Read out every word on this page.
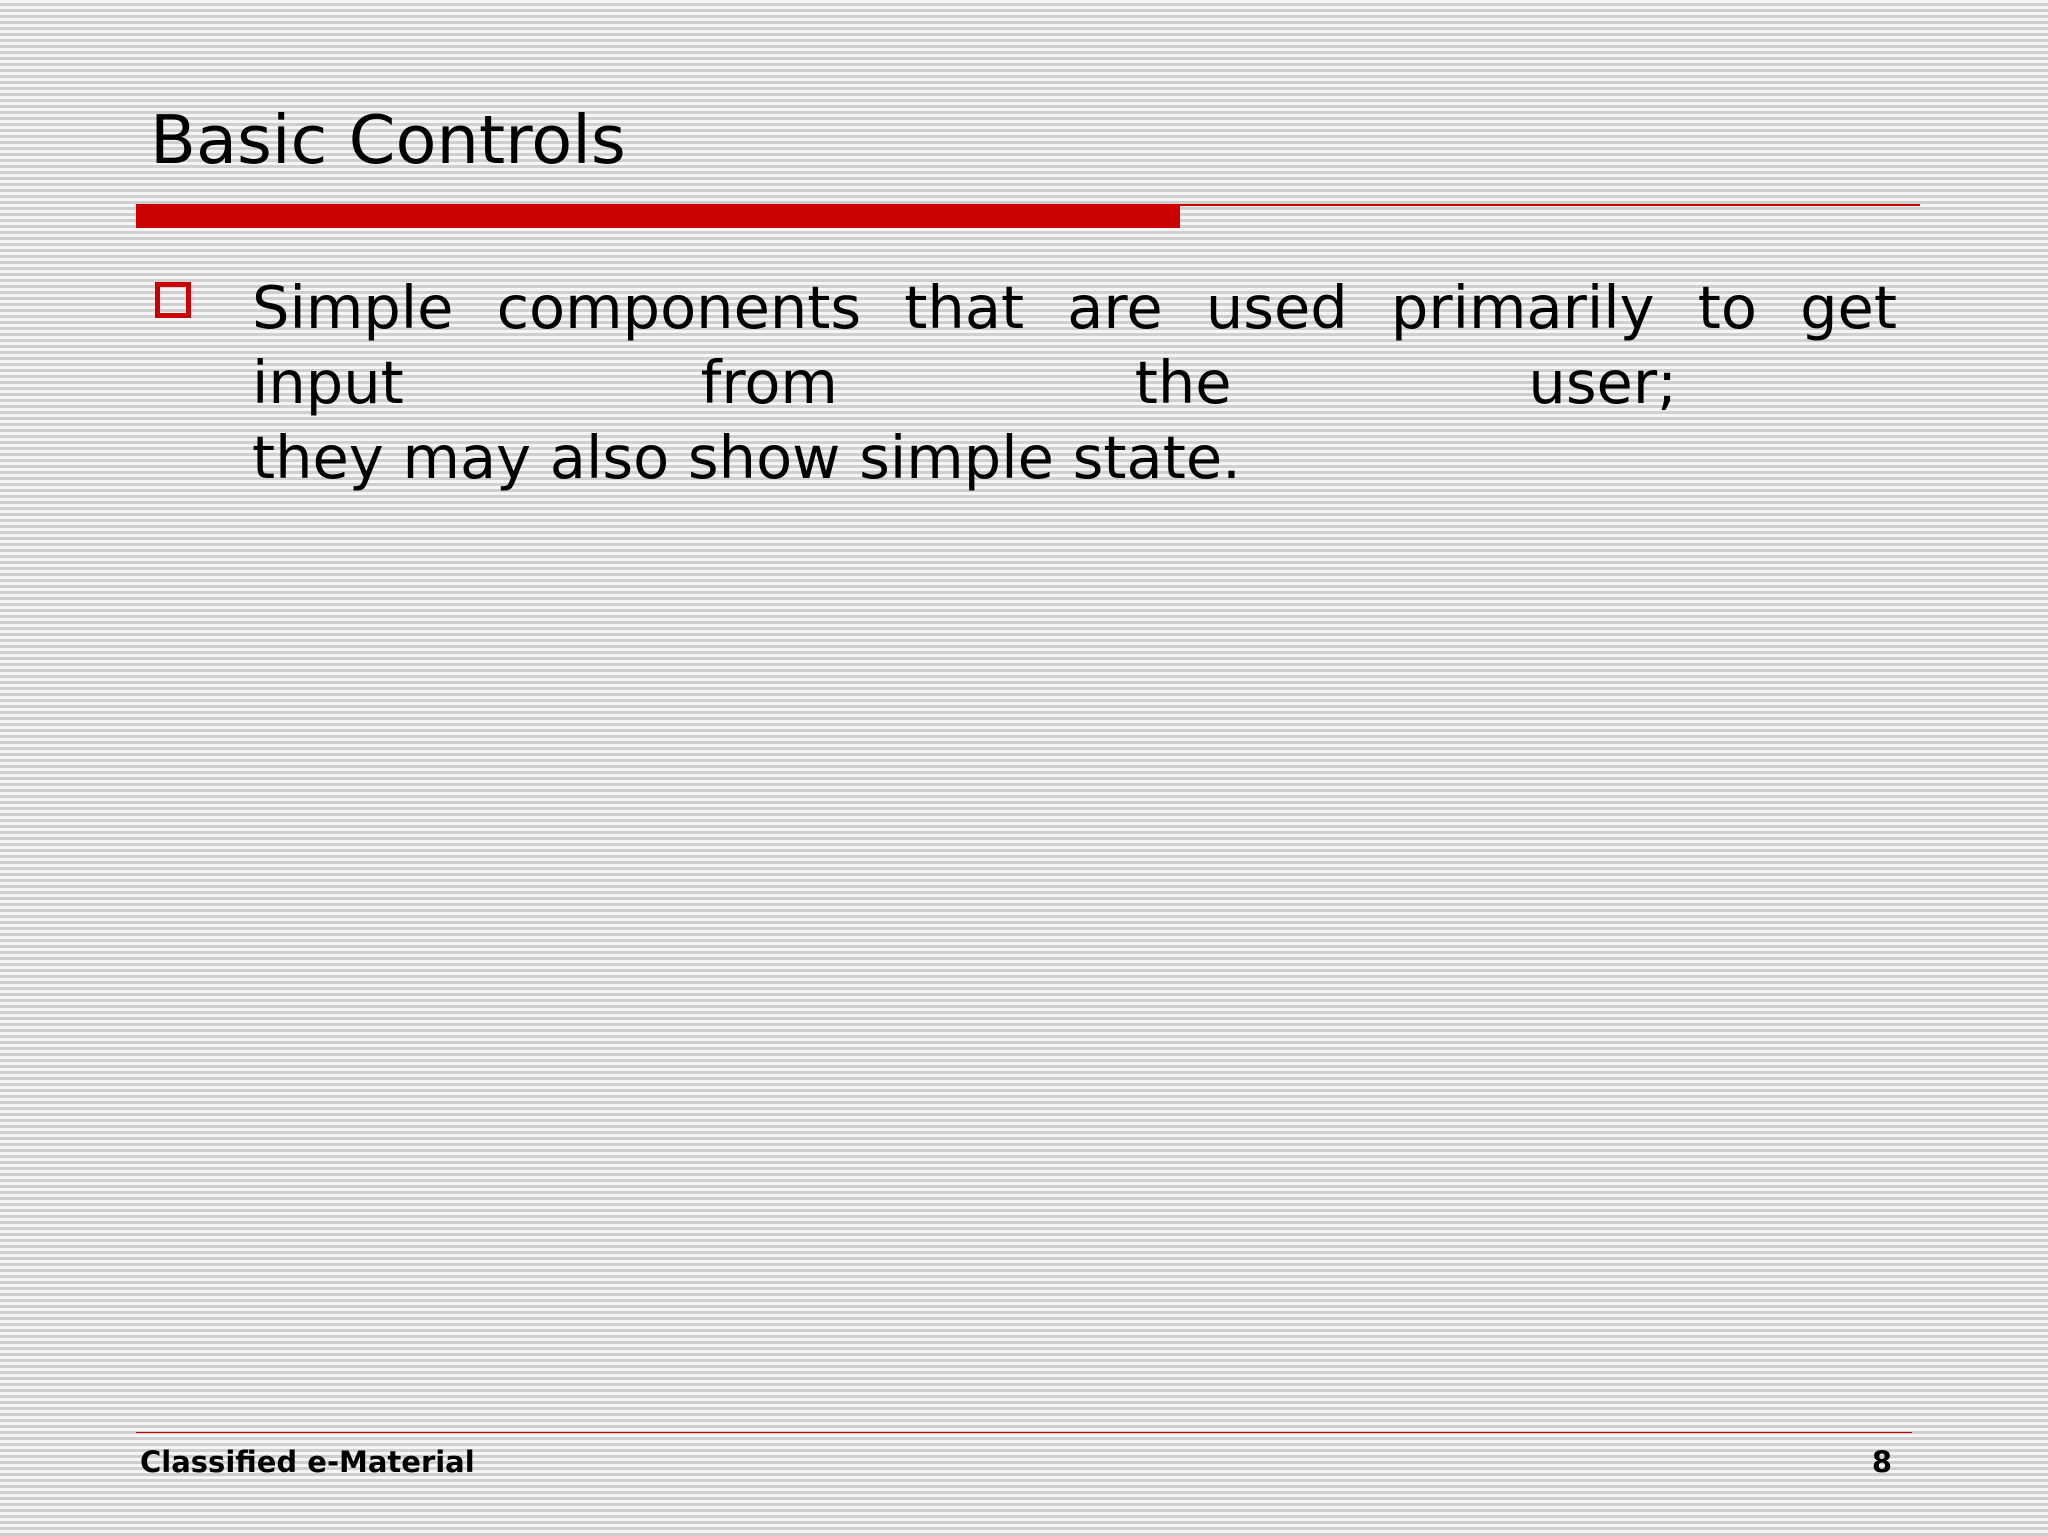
Basic Controls

Simple components that are used primarily to get
input from the user;
they may also show simple state.

Classified e-Material	8
